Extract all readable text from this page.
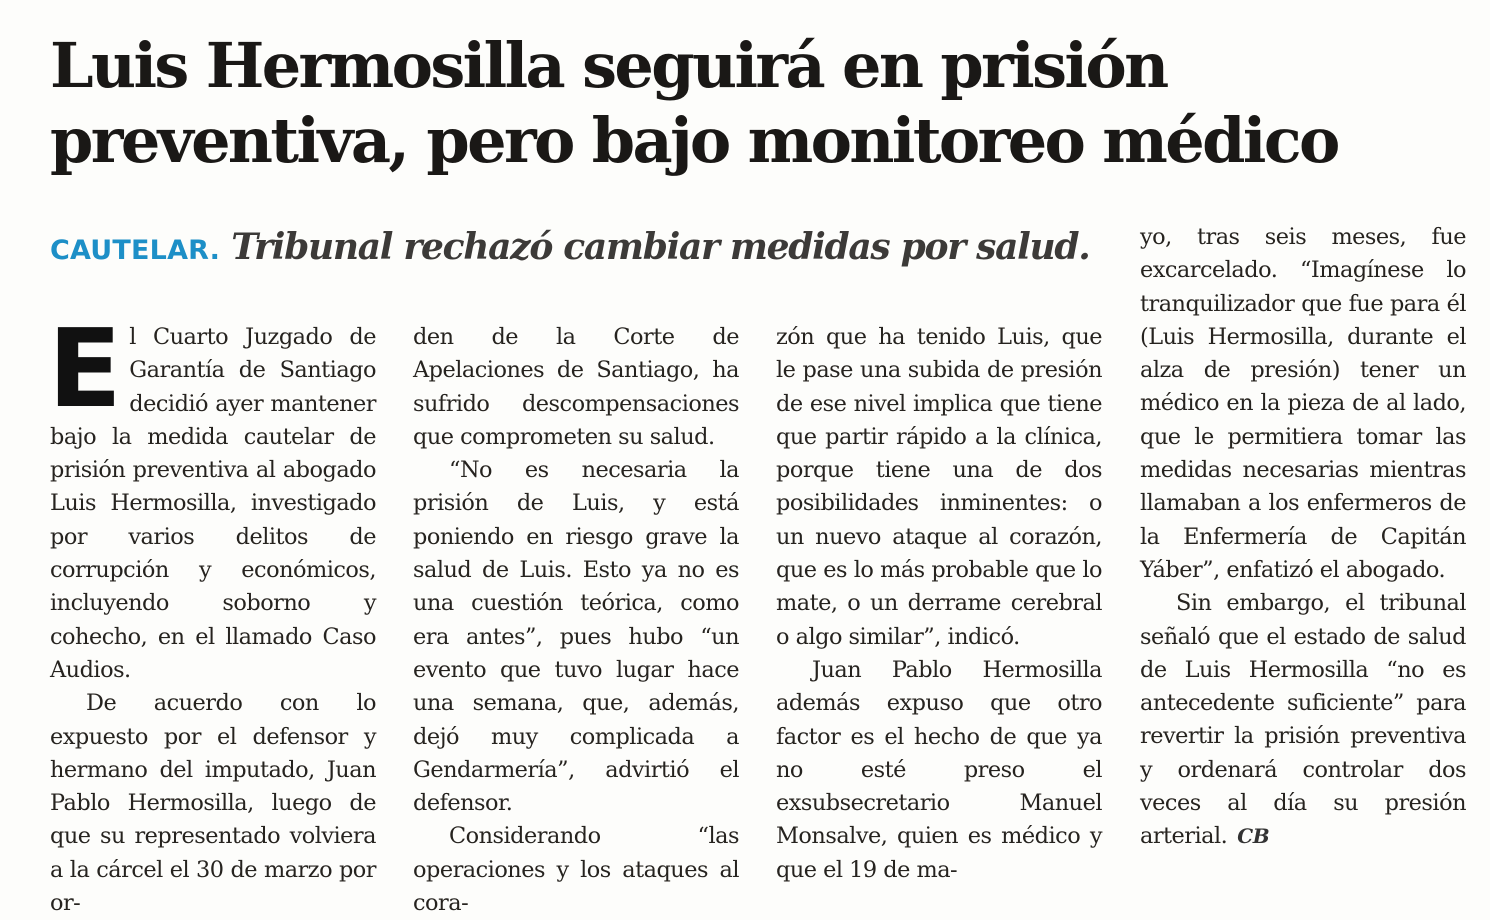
Luis Hermosilla seguirá en prisión
preventiva, pero bajo monitoreo médico
CAUTELAR. Tribunal rechazó cambiar medidas por salud.

El Cuarto Juzgado de Garantía de Santiago decidió ayer mantener bajo la medida cautelar de prisión preventiva al abogado Luis Hermosilla, investigado por varios delitos de corrupción y económicos, incluyendo soborno y cohecho, en el llamado Caso Audios.

De acuerdo con lo expuesto por el defensor y hermano del imputado, Juan Pablo Hermosilla, luego de que su representado volviera a la cárcel el 30 de marzo por or-

den de la Corte de Apelaciones de Santiago, ha sufrido descompensaciones que comprometen su salud.

“No es necesaria la prisión de Luis, y está poniendo en riesgo grave la salud de Luis. Esto ya no es una cuestión teórica, como era antes”, pues hubo “un evento que tuvo lugar hace una semana, que, además, dejó muy complicada a Gendarmería”, advirtió el defensor.

Considerando “las operaciones y los ataques al cora-

zón que ha tenido Luis, que le pase una subida de presión de ese nivel implica que tiene que partir rápido a la clínica, porque tiene una de dos posibilidades inminentes: o un nuevo ataque al corazón, que es lo más probable que lo mate, o un derrame cerebral o algo similar”, indicó.

Juan Pablo Hermosilla además expuso que otro factor es el hecho de que ya no esté preso el exsubsecretario Manuel Monsalve, quien es médico y que el 19 de ma-

yo, tras seis meses, fue excarcelado. “Imagínese lo tranquilizador que fue para él (Luis Hermosilla, durante el alza de presión) tener un médico en la pieza de al lado, que le permitiera tomar las medidas necesarias mientras llamaban a los enfermeros de la Enfermería de Capitán Yáber”, enfatizó el abogado.

Sin embargo, el tribunal señaló que el estado de salud de Luis Hermosilla “no es antecedente suficiente” para revertir la prisión preventiva y ordenará controlar dos veces al día su presión arterial. CB
